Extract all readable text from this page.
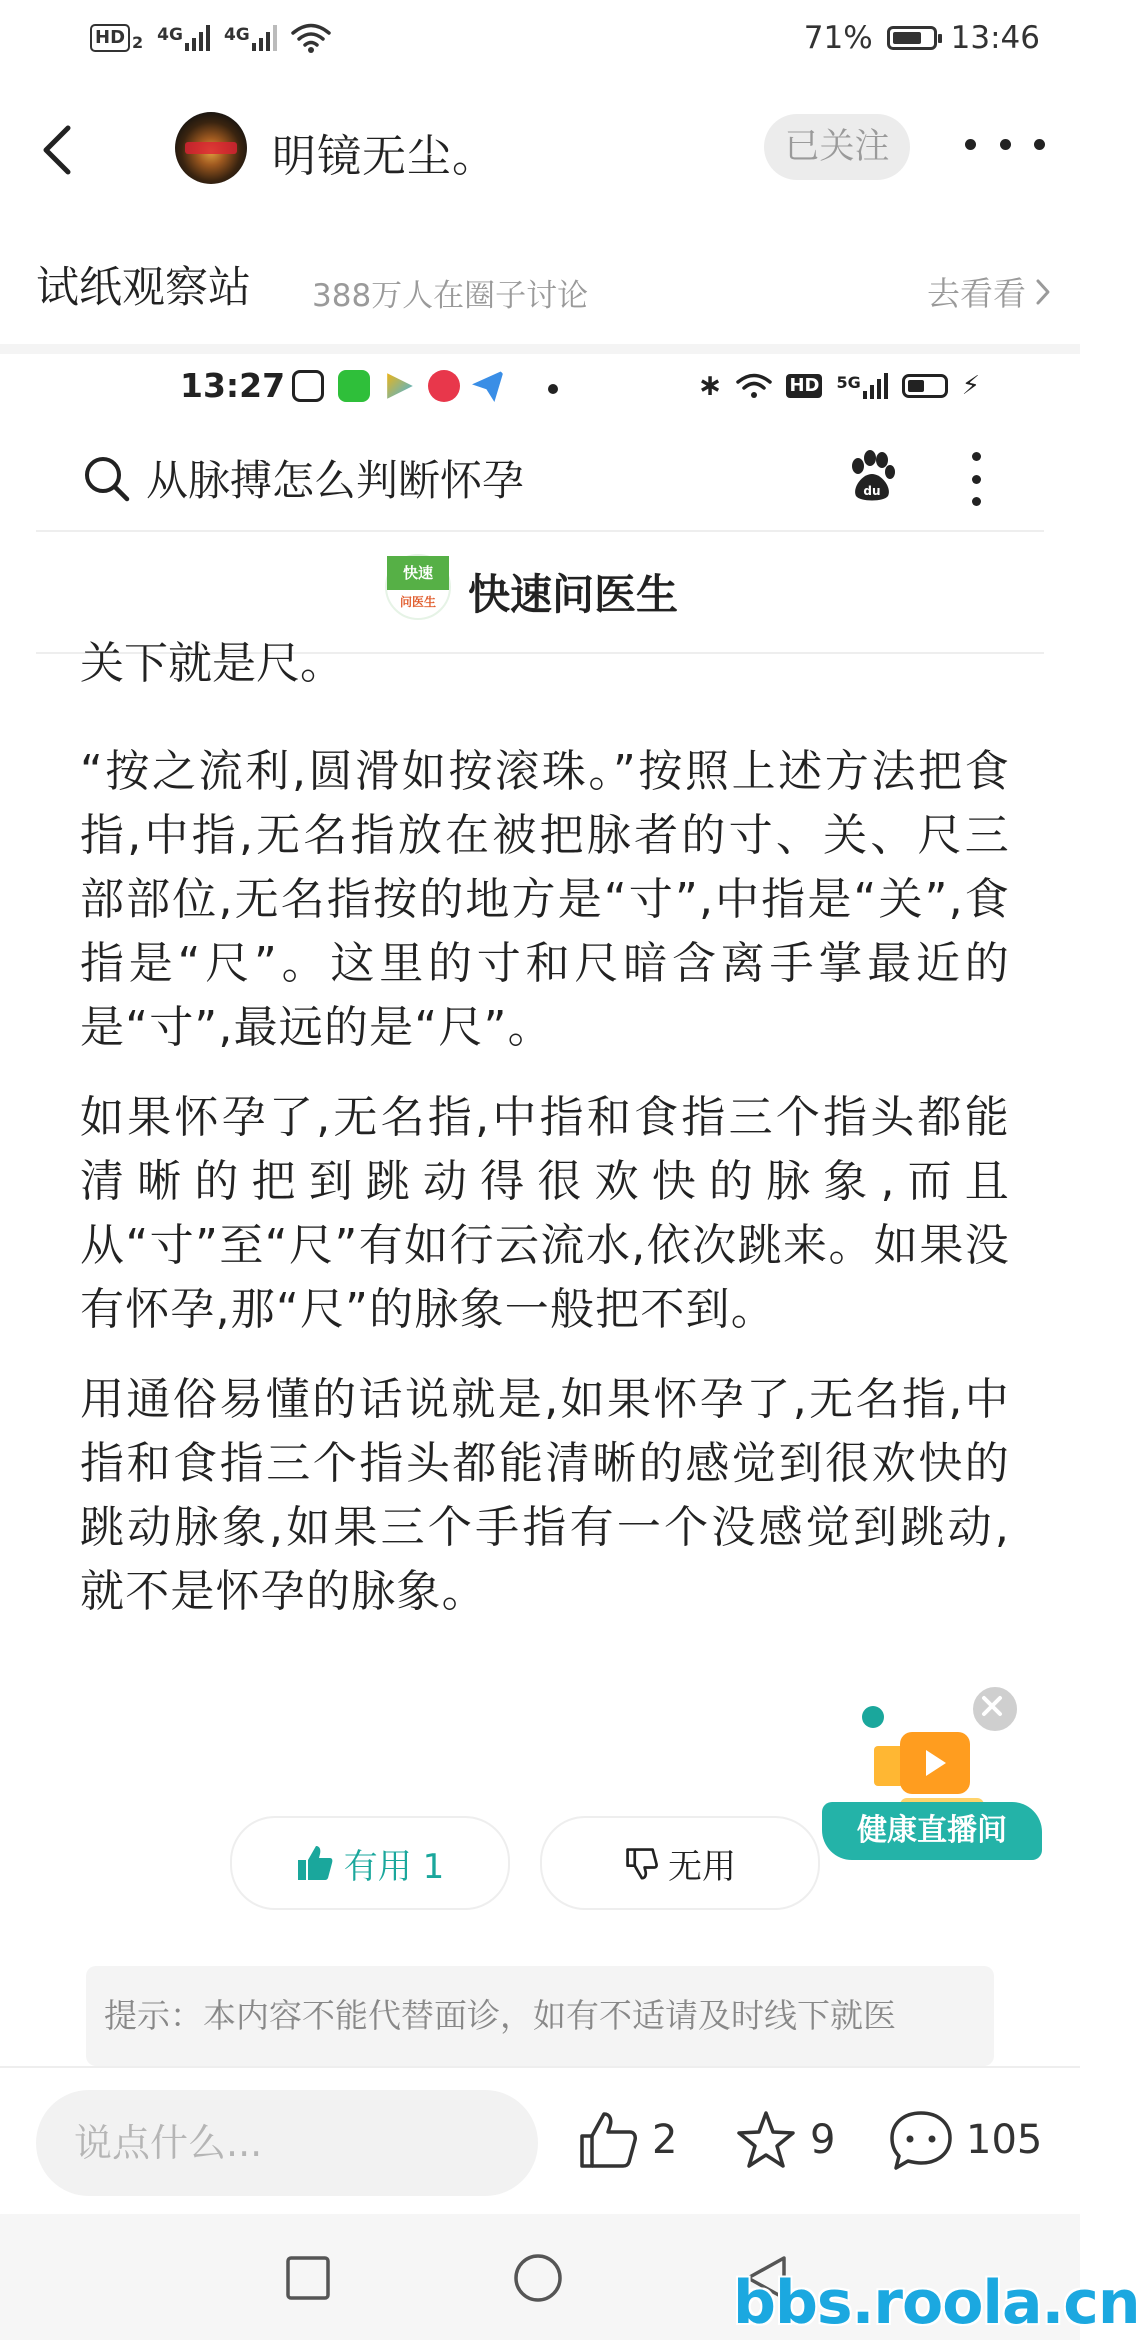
HD 2 4G 4G	71%	13:46
明镜无尘。	已关注
试纸观察站 388万人在圈子讨论	去看看
13:27	∗	HD 5G	⚡
从脉搏怎么判断怀孕	du
快速
问医生 快速问医生
关下就是尺。

“按之流利,圆滑如按滚珠。”按照上述方法把食指,中指,无名指放在被把脉者的寸、关、尺三部部位,无名指按的地方是“寸”,中指是“关”,食指是“尺”。这里的寸和尺暗含离手掌最近的是“寸”,最远的是“尺”。

如果怀孕了,无名指,中指和食指三个指头都能清晰的把到跳动得很欢快的脉象,而且从“寸”至“尺”有如行云流水,依次跳来。如果没有怀孕,那“尺”的脉象一般把不到。

用通俗易懂的话说就是,如果怀孕了,无名指,中指和食指三个指头都能清晰的感觉到很欢快的跳动脉象,如果三个手指有一个没感觉到跳动,就不是怀孕的脉象。

健康直播间
有用 1	无用
提示：本内容不能代替面诊，如有不适请及时线下就医
说点什么...	2	9	105
bbs.roola.cn
